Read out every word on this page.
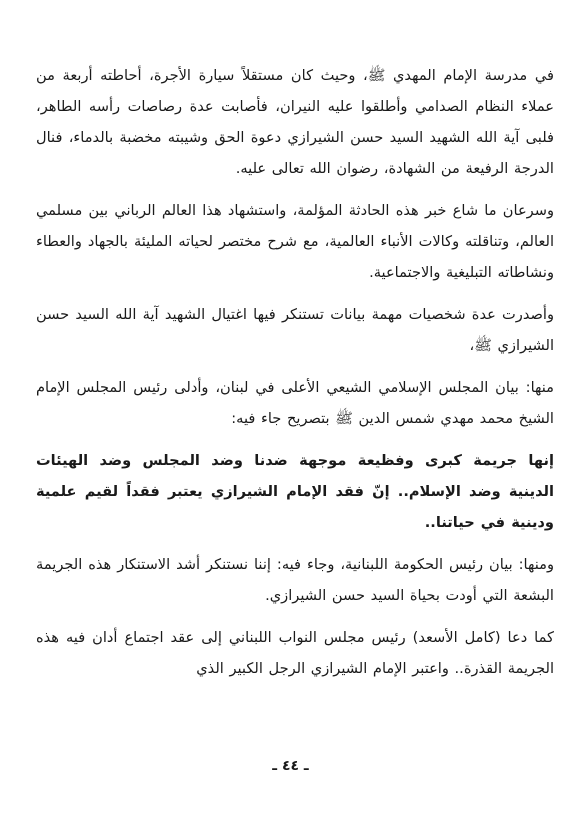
في مدرسة الإمام المهدي ﷺ، وحيث كان مستقلاً سيارة الأجرة، أحاطته أربعة من عملاء النظام الصدامي وأطلقوا عليه النيران، فأصابت عدة رصاصات رأسه الطاهر، فلبى آية الله الشهيد السيد حسن الشيرازي دعوة الحق وشيبته مخضبة بالدماء، فنال الدرجة الرفيعة من الشهادة، رضوان الله تعالى عليه.

وسرعان ما شاع خبر هذه الحادثة المؤلمة، واستشهاد هذا العالم الرباني بين مسلمي العالم، وتناقلته وكالات الأنباء العالمية، مع شرح مختصر لحياته المليئة بالجهاد والعطاء ونشاطاته التبليغية والاجتماعية.

وأصدرت عدة شخصيات مهمة بيانات تستنكر فيها اغتيال الشهيد آية الله السيد حسن الشيرازي ﷺ،

منها: بيان المجلس الإسلامي الشيعي الأعلى في لبنان، وأدلى رئيس المجلس الإمام الشيخ محمد مهدي شمس الدين ﷺ بتصريح جاء فيه:

إنها جريمة كبرى وفظيعة موجهة ضدنا وضد المجلس وضد الهيئات الدينية وضد الإسلام.. إنّ فقد الإمام الشيرازي يعتبر فقداً لقيم علمية ودينية في حياتنا..

ومنها: بيان رئيس الحكومة اللبنانية، وجاء فيه: إننا نستنكر أشد الاستنكار هذه الجريمة البشعة التي أودت بحياة السيد حسن الشيرازي.

كما دعا (كامل الأسعد) رئيس مجلس النواب اللبناني إلى عقد اجتماع أدان فيه هذه الجريمة القذرة.. واعتبر الإمام الشيرازي الرجل الكبير الذي

ـ ٤٤ ـ
